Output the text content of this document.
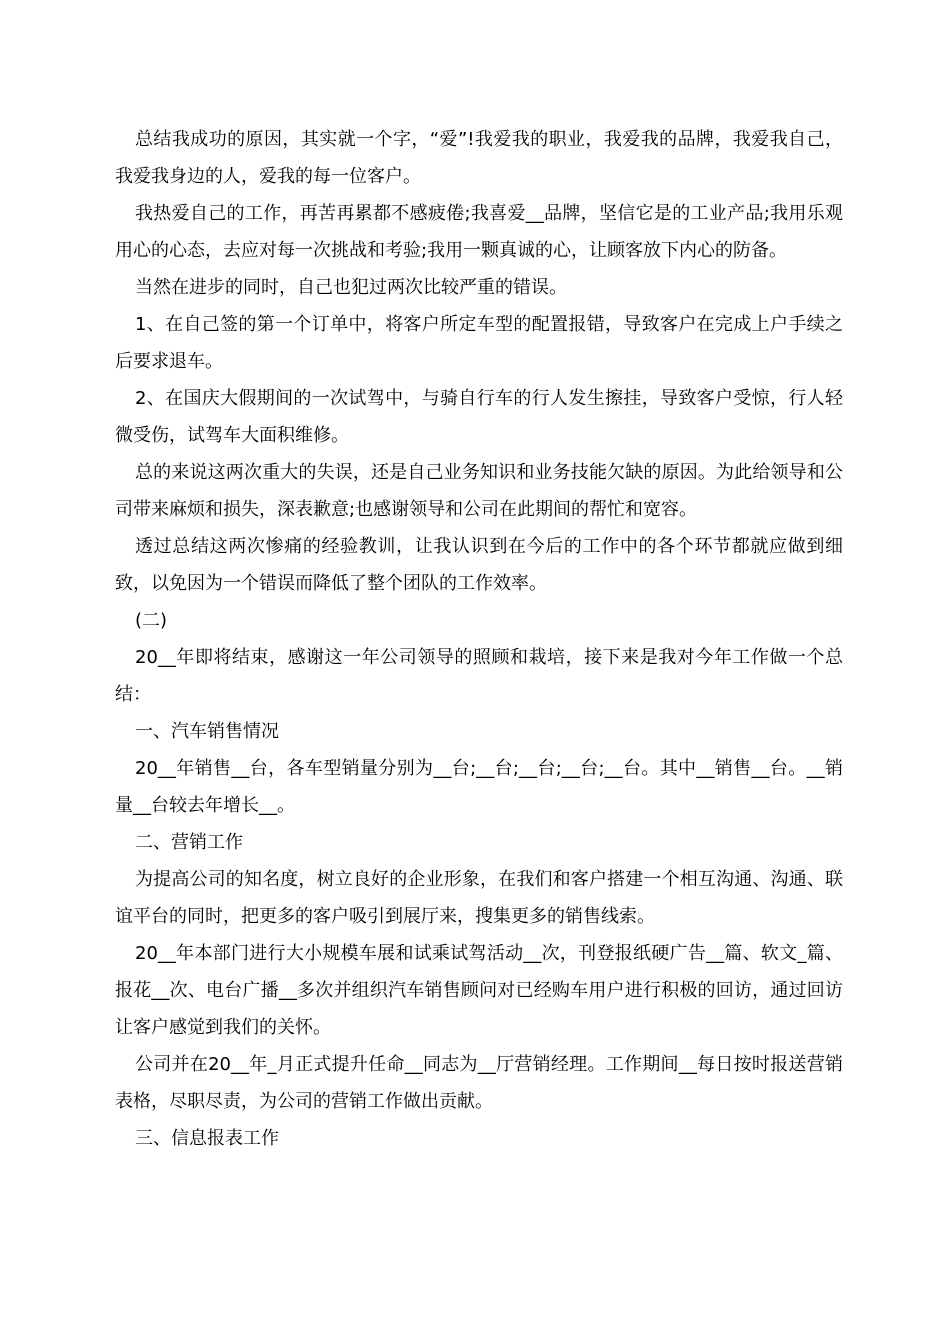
总结我成功的原因，其实就一个字，“爱”!我爱我的职业，我爱我的品牌，我爱我自己，我爱我身边的人，爱我的每一位客户。

我热爱自己的工作，再苦再累都不感疲倦;我喜爱__品牌，坚信它是的工业产品;我用乐观用心的心态，去应对每一次挑战和考验;我用一颗真诚的心，让顾客放下内心的防备。

当然在进步的同时，自己也犯过两次比较严重的错误。

1、在自己签的第一个订单中，将客户所定车型的配置报错，导致客户在完成上户手续之后要求退车。

2、在国庆大假期间的一次试驾中，与骑自行车的行人发生擦挂，导致客户受惊，行人轻微受伤，试驾车大面积维修。

总的来说这两次重大的失误，还是自己业务知识和业务技能欠缺的原因。为此给领导和公司带来麻烦和损失，深表歉意;也感谢领导和公司在此期间的帮忙和宽容。

透过总结这两次惨痛的经验教训，让我认识到在今后的工作中的各个环节都就应做到细致，以免因为一个错误而降低了整个团队的工作效率。

(二)

20__年即将结束，感谢这一年公司领导的照顾和栽培，接下来是我对今年工作做一个总结：

一、汽车销售情况

20__年销售__台，各车型销量分别为__台;__台;__台;__台;__台。其中__销售__台。__销量__台较去年增长__。

二、营销工作

为提高公司的知名度，树立良好的企业形象，在我们和客户搭建一个相互沟通、沟通、联谊平台的同时，把更多的客户吸引到展厅来，搜集更多的销售线索。

20__年本部门进行大小规模车展和试乘试驾活动__次，刊登报纸硬广告__篇、软文_篇、报花__次、电台广播__多次并组织汽车销售顾问对已经购车用户进行积极的回访，通过回访让客户感觉到我们的关怀。

公司并在20__年_月正式提升任命__同志为__厅营销经理。工作期间__每日按时报送营销表格，尽职尽责，为公司的营销工作做出贡献。

三、信息报表工作
